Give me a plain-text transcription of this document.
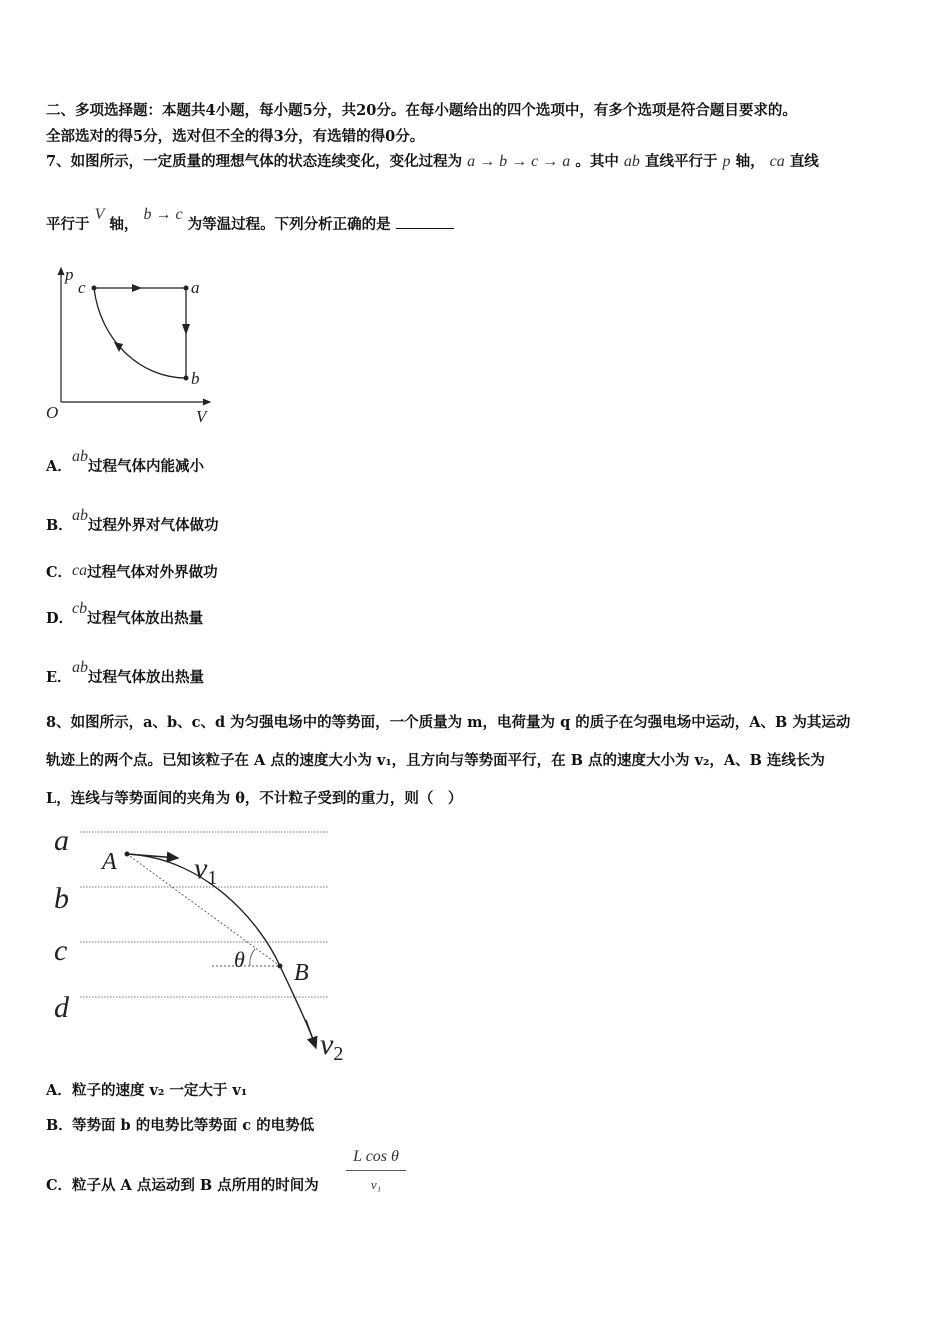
二、多项选择题：本题共4小题，每小题5分，共20分。在每小题给出的四个选项中，有多个选项是符合题目要求的。
全部选对的得5分，选对但不全的得3分，有选错的得0分。
7、如图所示，一定质量的理想气体的状态连续变化，变化过程为 a → b → c → a 。其中 ab 直线平行于 p 轴， ca 直线
平行于 V 轴， b → c 为等温过程。下列分析正确的是
p
c	a
b
O	V
A．ab过程气体内能减小
B．ab过程外界对气体做功
C．ca过程气体对外界做功
D．cb过程气体放出热量
E．ab过程气体放出热量
8、如图所示，a、b、c、d 为匀强电场中的等势面，一个质量为 m，电荷量为 q 的质子在匀强电场中运动，A、B 为其运动
轨迹上的两个点。已知该粒子在 A 点的速度大小为 v₁，且方向与等势面平行，在 B 点的速度大小为 v₂，A、B 连线长为
L，连线与等势面间的夹角为 θ，不计粒子受到的重力，则（　）
a
b
c
d
A
B
θ
$v_1$
$v_2$
A．粒子的速度 v₂ 一定大于 v₁
B．等势面 b 的电势比等势面 c 的电势低
C．粒子从 A 点运动到 B 点所用的时间为
L cos θ
v₁
